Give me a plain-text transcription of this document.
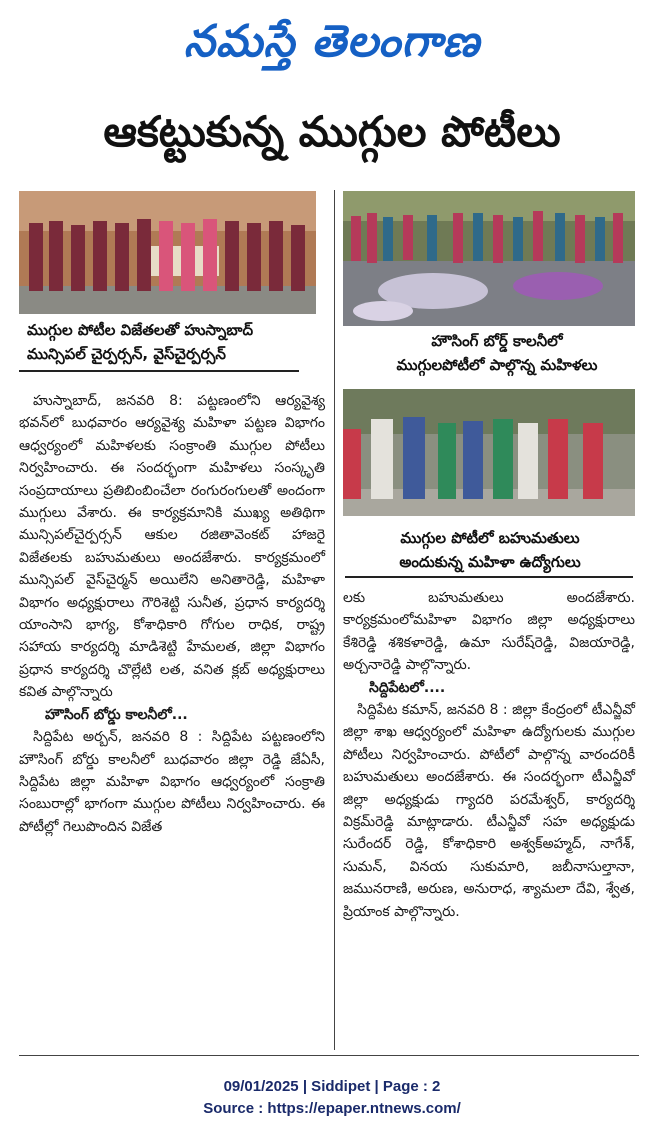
నమస్తే తెలంగాణ
ఆకట్టుకున్న ముగ్గుల పోటీలు
ముగ్గుల పోటీల విజేతలతో హుస్నాబాద్
మున్సిపల్ చైర్పర్సన్, వైస్‌చైర్పర్సన్
హౌసింగ్ బోర్డ్ కాలనీలో
ముగ్గులపోటీలో పాల్గొన్న మహిళలు
ముగ్గుల పోటీలో బహుమతులు
అందుకున్న మహిళా ఉద్యోగులు

హుస్నాబాద్, జనవరి 8: పట్టణంలోని ఆర్యవైశ్య భవన్‌లో బుధవారం ఆర్యవైశ్య మహిళా పట్టణ విభాగం ఆధ్వర్యంలో మహిళలకు సంక్రాంతి ముగ్గుల పోటీలు నిర్వహించారు. ఈ సందర్భంగా మహిళలు సంస్కృతి సంప్రదాయాలు ప్రతిబింబించేలా రంగురంగులతో అందంగా ముగ్గులు వేశారు. ఈ కార్యక్రమానికి ముఖ్య అతిథిగా మున్సిపల్‌చైర్పర్సన్ ఆకుల రజితావెంకట్ హాజరై విజేతలకు బహుమతులు అందజేశారు. కార్యక్రమంలో మున్సిపల్ వైస్‌చైర్మన్ అయిలేని అనితారెడ్డి, మహిళా విభాగం అధ్యక్షురాలు గౌరిశెట్టి సునీత, ప్రధాన కార్యదర్శి యాంసాని భాగ్య, కోశాధికారి గోగుల రాధిక, రాష్ట్ర సహాయ కార్యదర్శి మాడిశెట్టి హేమలత, జిల్లా విభాగం ప్రధాన కార్యదర్శి చొల్లేటి లత, వనిత క్లబ్ అధ్యక్షురాలు కవిత పాల్గొన్నారు

హౌసింగ్ బోర్డు కాలనీలో...

సిద్దిపేట అర్బన్, జనవరి 8 : సిద్దిపేట పట్టణంలోని హౌసింగ్ బోర్డు కాలనీలో బుధవారం జిల్లా రెడ్డి జేఏసీ, సిద్దిపేట జిల్లా మహిళా విభాగం ఆధ్వర్యంలో సంక్రాతి సంబురాల్లో భాగంగా ముగ్గుల పోటీలు నిర్వహించారు. ఈ పోటీల్లో గెలుపొందిన విజేత

లకు బహుమతులు అందజేశారు. కార్యక్రమంలోమహిళా విభాగం జిల్లా అధ్యక్షురాలు కేశిరెడ్డి శశికళారెడ్డి, ఉమా సురేష్‌రెడ్డి, విజయారెడ్డి, అర్చనారెడ్డి పాల్గొన్నారు.

సిద్దిపేటలో....

సిద్దిపేట కమాన్, జనవరి 8 : జిల్లా కేంద్రంలో టీఎన్జీవో జిల్లా శాఖ ఆధ్వర్యంలో మహిళా ఉద్యోగులకు ముగ్గుల పోటీలు నిర్వహించారు. పోటీలో పాల్గొన్న వారందరికీ బహుమతులు అందజేశారు. ఈ సందర్భంగా టీఎన్జీవో జిల్లా అధ్యక్షుడు గ్యాదరి పరమేశ్వర్, కార్యదర్శి విక్రమ్‌రెడ్డి మాట్లాడారు. టీఎన్జీవో సహ అధ్యక్షుడు సురేందర్ రెడ్డి, కోశాధికారి అశ్వక్‌అహ్మద్, నాగేశ్, సుమన్, వినయ సుకుమారి, జబీనాసుల్తానా, జమునరాణి, అరుణ, అనురాధ, శ్యామలా దేవి, శ్వేత, ప్రియాంక పాల్గొన్నారు.

09/01/2025 | Siddipet | Page : 2
Source : https://epaper.ntnews.com/
